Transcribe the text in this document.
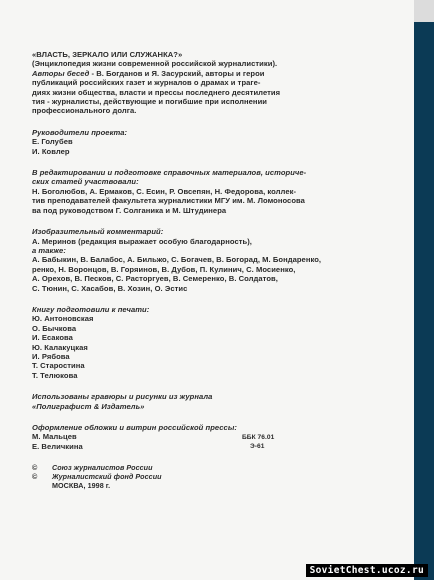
«ВЛАСТЬ, ЗЕРКАЛО ИЛИ СЛУЖАНКА?»
(Энциклопедия жизни современной российской журналистики).
Авторы бесед - В. Богданов и Я. Засурский, авторы и герои
публикаций российских газет и журналов о драмах и траге-
диях жизни общества, власти и прессы последнего десятилетия
тия - журналисты, действующие и погибшие при исполнении
профессионального долга.
Руководители проекта:
Е. Голубев
И. Ковлер
В редактировании и подготовке справочных материалов, историче-
ских статей участвовали:
Н. Боголюбов, А. Ермаков, С. Есин, Р. Овсепян, Н. Федорова, коллек-
тив преподавателей факультета журналистики МГУ им. М. Ломоносова
ва под руководством Г. Солганика и М. Штудинера
Изобразительный комментарий:
А. Меринов (редакция выражает особую благодарность),
а также:
А. Бабыкин, В. Балабос, А. Бильжо, С. Богачев, В. Богорад, М. Бондаренко,
ренко, Н. Воронцов, В. Горяинов, В. Дубов, П. Кулинич, С. Мосиенко,
А. Орехов, В. Песков, С. Расторгуев, В. Семеренко, В. Солдатов,
С. Тюнин, С. Хасабов, В. Хозин, О. Эстис
Книгу подготовили к печати:
Ю. Антоновская
О. Бычкова
И. Есакова
Ю. Калакуцкая
И. Рябова
Т. Старостина
Т. Телюкова
Использованы гравюры и рисунки из журнала
«Полиграфист & Издатель»
Оформление обложки и витрин российской прессы:
М. Мальцев
Е. Величкина
ББК 76.01
Э-61
©	Союз журналистов России
©	Журналистский фонд России
МОСКВА, 1998 г.
SovietChest.ucoz.ru
